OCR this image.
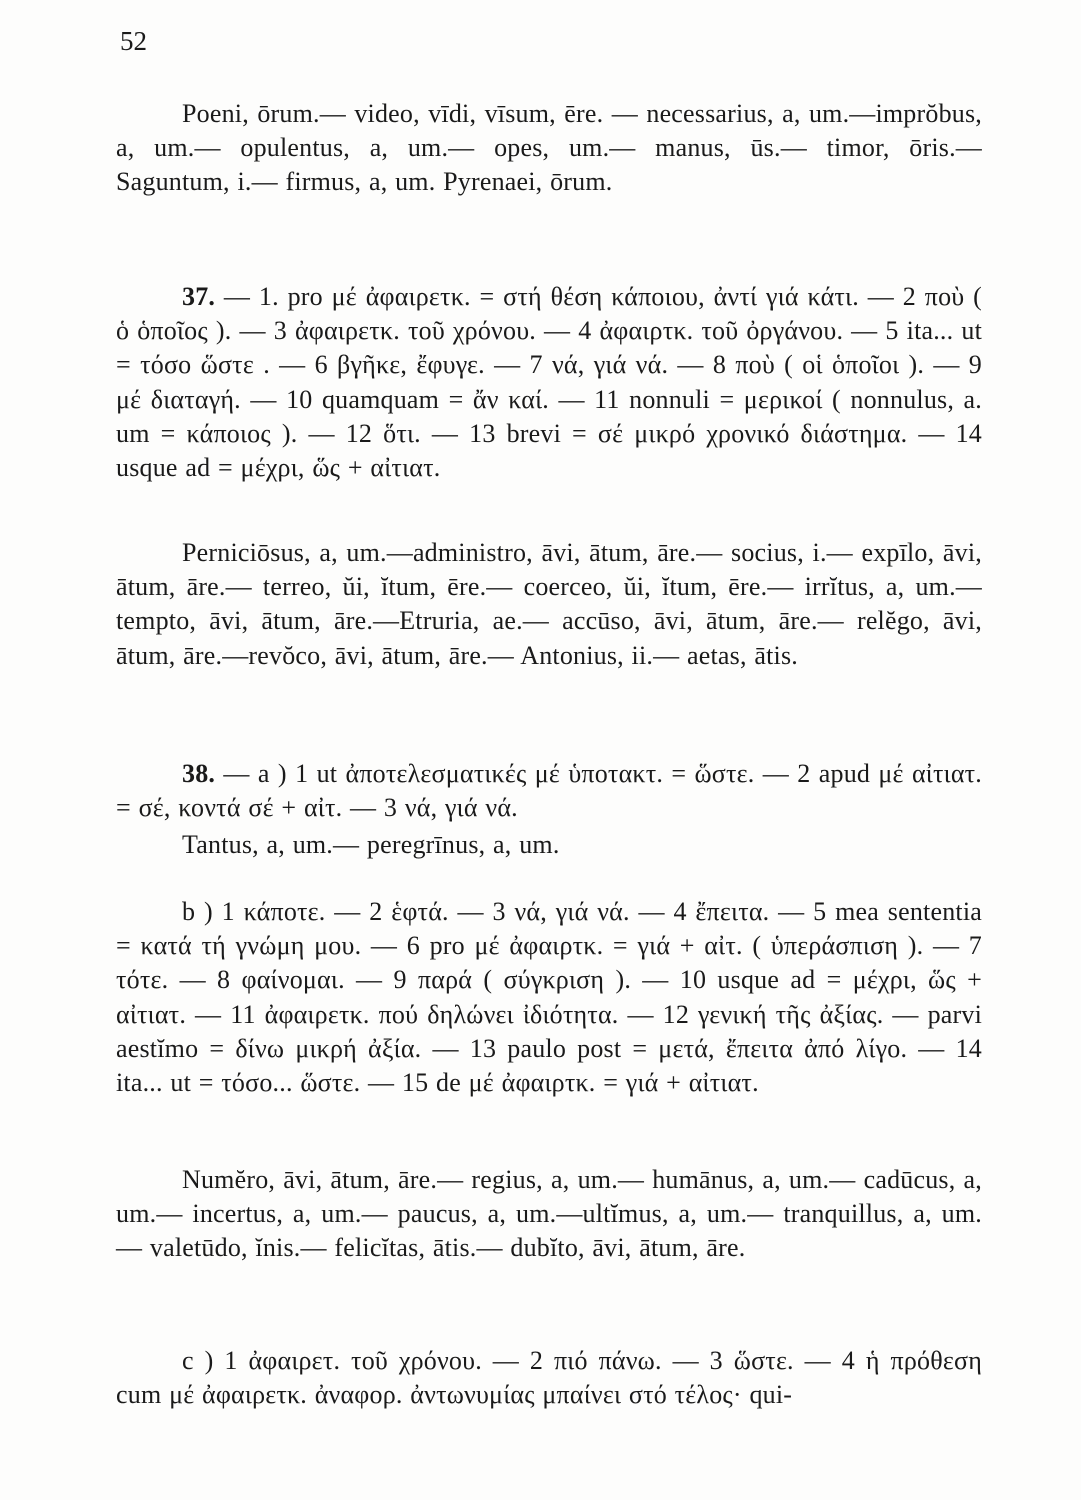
52

Poeni, ōrum.— video, vīdi, vīsum, ēre. — necessarius, a, um.—imprŏbus, a, um.— opulentus, a, um.— opes, um.— manus, ūs.— timor, ōris.— Saguntum, i.— firmus, a, um. Pyrenaei, ōrum.

37. — 1. pro μέ ἀφαιρετκ. = στή θέση κάποιου, ἀντί γιά κάτι. — 2 ποὺ ( ὁ ὁποῖος ). — 3 ἀφαιρετκ. τοῦ χρόνου. — 4 ἀφαιρτκ. τοῦ ὀργάνου. — 5 ita... ut = τόσο ὥστε . — 6 βγῆκε, ἔφυγε. — 7 νά, γιά νά. — 8 ποὺ ( οἱ ὁποῖοι ). — 9 μέ διαταγή. — 10 quamquam = ἄν καί. — 11 nonnuli = μερικοί ( nonnulus, a. um = κάποιος ). — 12 ὅτι. — 13 brevi = σέ μικρό χρονικό διάστημα. — 14 usque ad = μέχρι, ὥς + αἰτιατ.

Perniciōsus, a, um.—administro, āvi, ātum, āre.— socius, i.— expīlo, āvi, ātum, āre.— terreo, ŭi, ĭtum, ēre.— coerceo, ŭi, ĭtum, ēre.— irrĭtus, a, um.— tempto, āvi, ātum, āre.—Etruria, ae.— accūso, āvi, ātum, āre.— relĕgo, āvi, ātum, āre.—revŏco, āvi, ātum, āre.— Antonius, ii.— aetas, ātis.

38. — a ) 1 ut ἀποτελεσματικές μέ ὑποτακτ. = ὥστε. — 2 apud μέ αἰτιατ. = σέ, κοντά σέ + αἰτ. — 3 νά, γιά νά.

Tantus, a, um.— peregrīnus, a, um.

b ) 1 κάποτε. — 2 ἑφτά. — 3 νά, γιά νά. — 4 ἔπειτα. — 5 mea sententia = κατά τή γνώμη μου. — 6 pro μέ ἀφαιρτκ. = γιά + αἰτ. ( ὑπεράσπιση ). — 7 τότε. — 8 φαίνομαι. — 9 παρά ( σύγκριση ). — 10 usque ad = μέχρι, ὥς + αἰτιατ. — 11 ἀφαιρετκ. πού δηλώνει ἰδιότητα. — 12 γενική τῆς ἀξίας. — parvi aestĭmo = δίνω μικρή ἀξία. — 13 paulo post = μετά, ἔπειτα ἀπό λίγο. — 14 ita... ut = τόσο... ὥστε. — 15 de μέ ἀφαιρτκ. = γιά + αἰτιατ.

Numĕro, āvi, ātum, āre.— regius, a, um.— humānus, a, um.— cadūcus, a, um.— incertus, a, um.— paucus, a, um.—ultĭmus, a, um.— tranquillus, a, um.— valetūdo, ĭnis.— felicĭtas, ātis.— dubĭto, āvi, ātum, āre.

c ) 1 ἀφαιρετ. τοῦ χρόνου. — 2 πιό πάνω. — 3 ὥστε. — 4 ἡ πρόθεση cum μέ ἀφαιρετκ. ἀναφορ. ἀντωνυμίας μπαίνει στό τέλος· qui-
